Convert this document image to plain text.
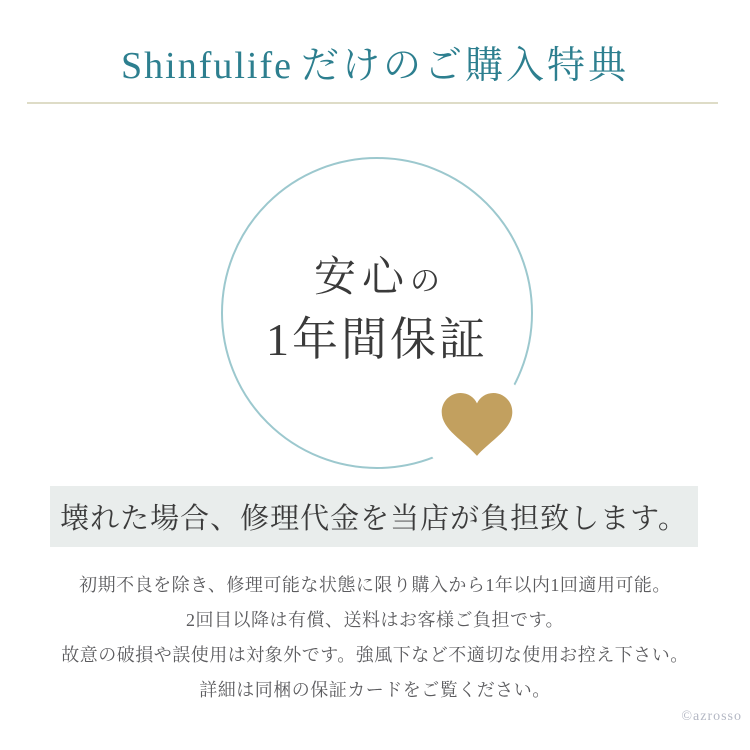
Shinfulife だけのご購入特典
安心の
1年間保証
壊れた場合、修理代金を当店が負担致します。

初期不良を除き、修理可能な状態に限り購入から1年以内1回適用可能。

2回目以降は有償、送料はお客様ご負担です。

故意の破損や誤使用は対象外です。強風下など不適切な使用お控え下さい。

詳細は同梱の保証カードをご覧ください。

©azrosso
